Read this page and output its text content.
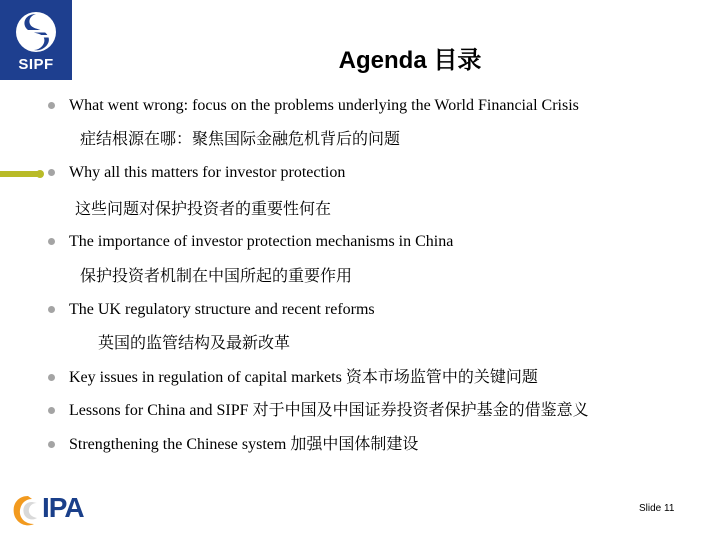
SIPF	Agenda 目录
What went wrong: focus on the problems underlying the World Financial Crisis
症结根源在哪：聚焦国际金融危机背后的问题
Why all this matters for investor protection
这些问题对保护投资者的重要性何在
The importance of investor protection mechanisms in China
保护投资者机制在中国所起的重要作用
The UK regulatory structure and recent reforms
英国的监管结构及最新改革
Key issues in regulation of capital markets 资本市场监管中的关键问题
Lessons for China and SIPF 对于中国及中国证券投资者保护基金的借鉴意义
Strengthening the Chinese system 加强中国体制建设
IPA	Slide 11
